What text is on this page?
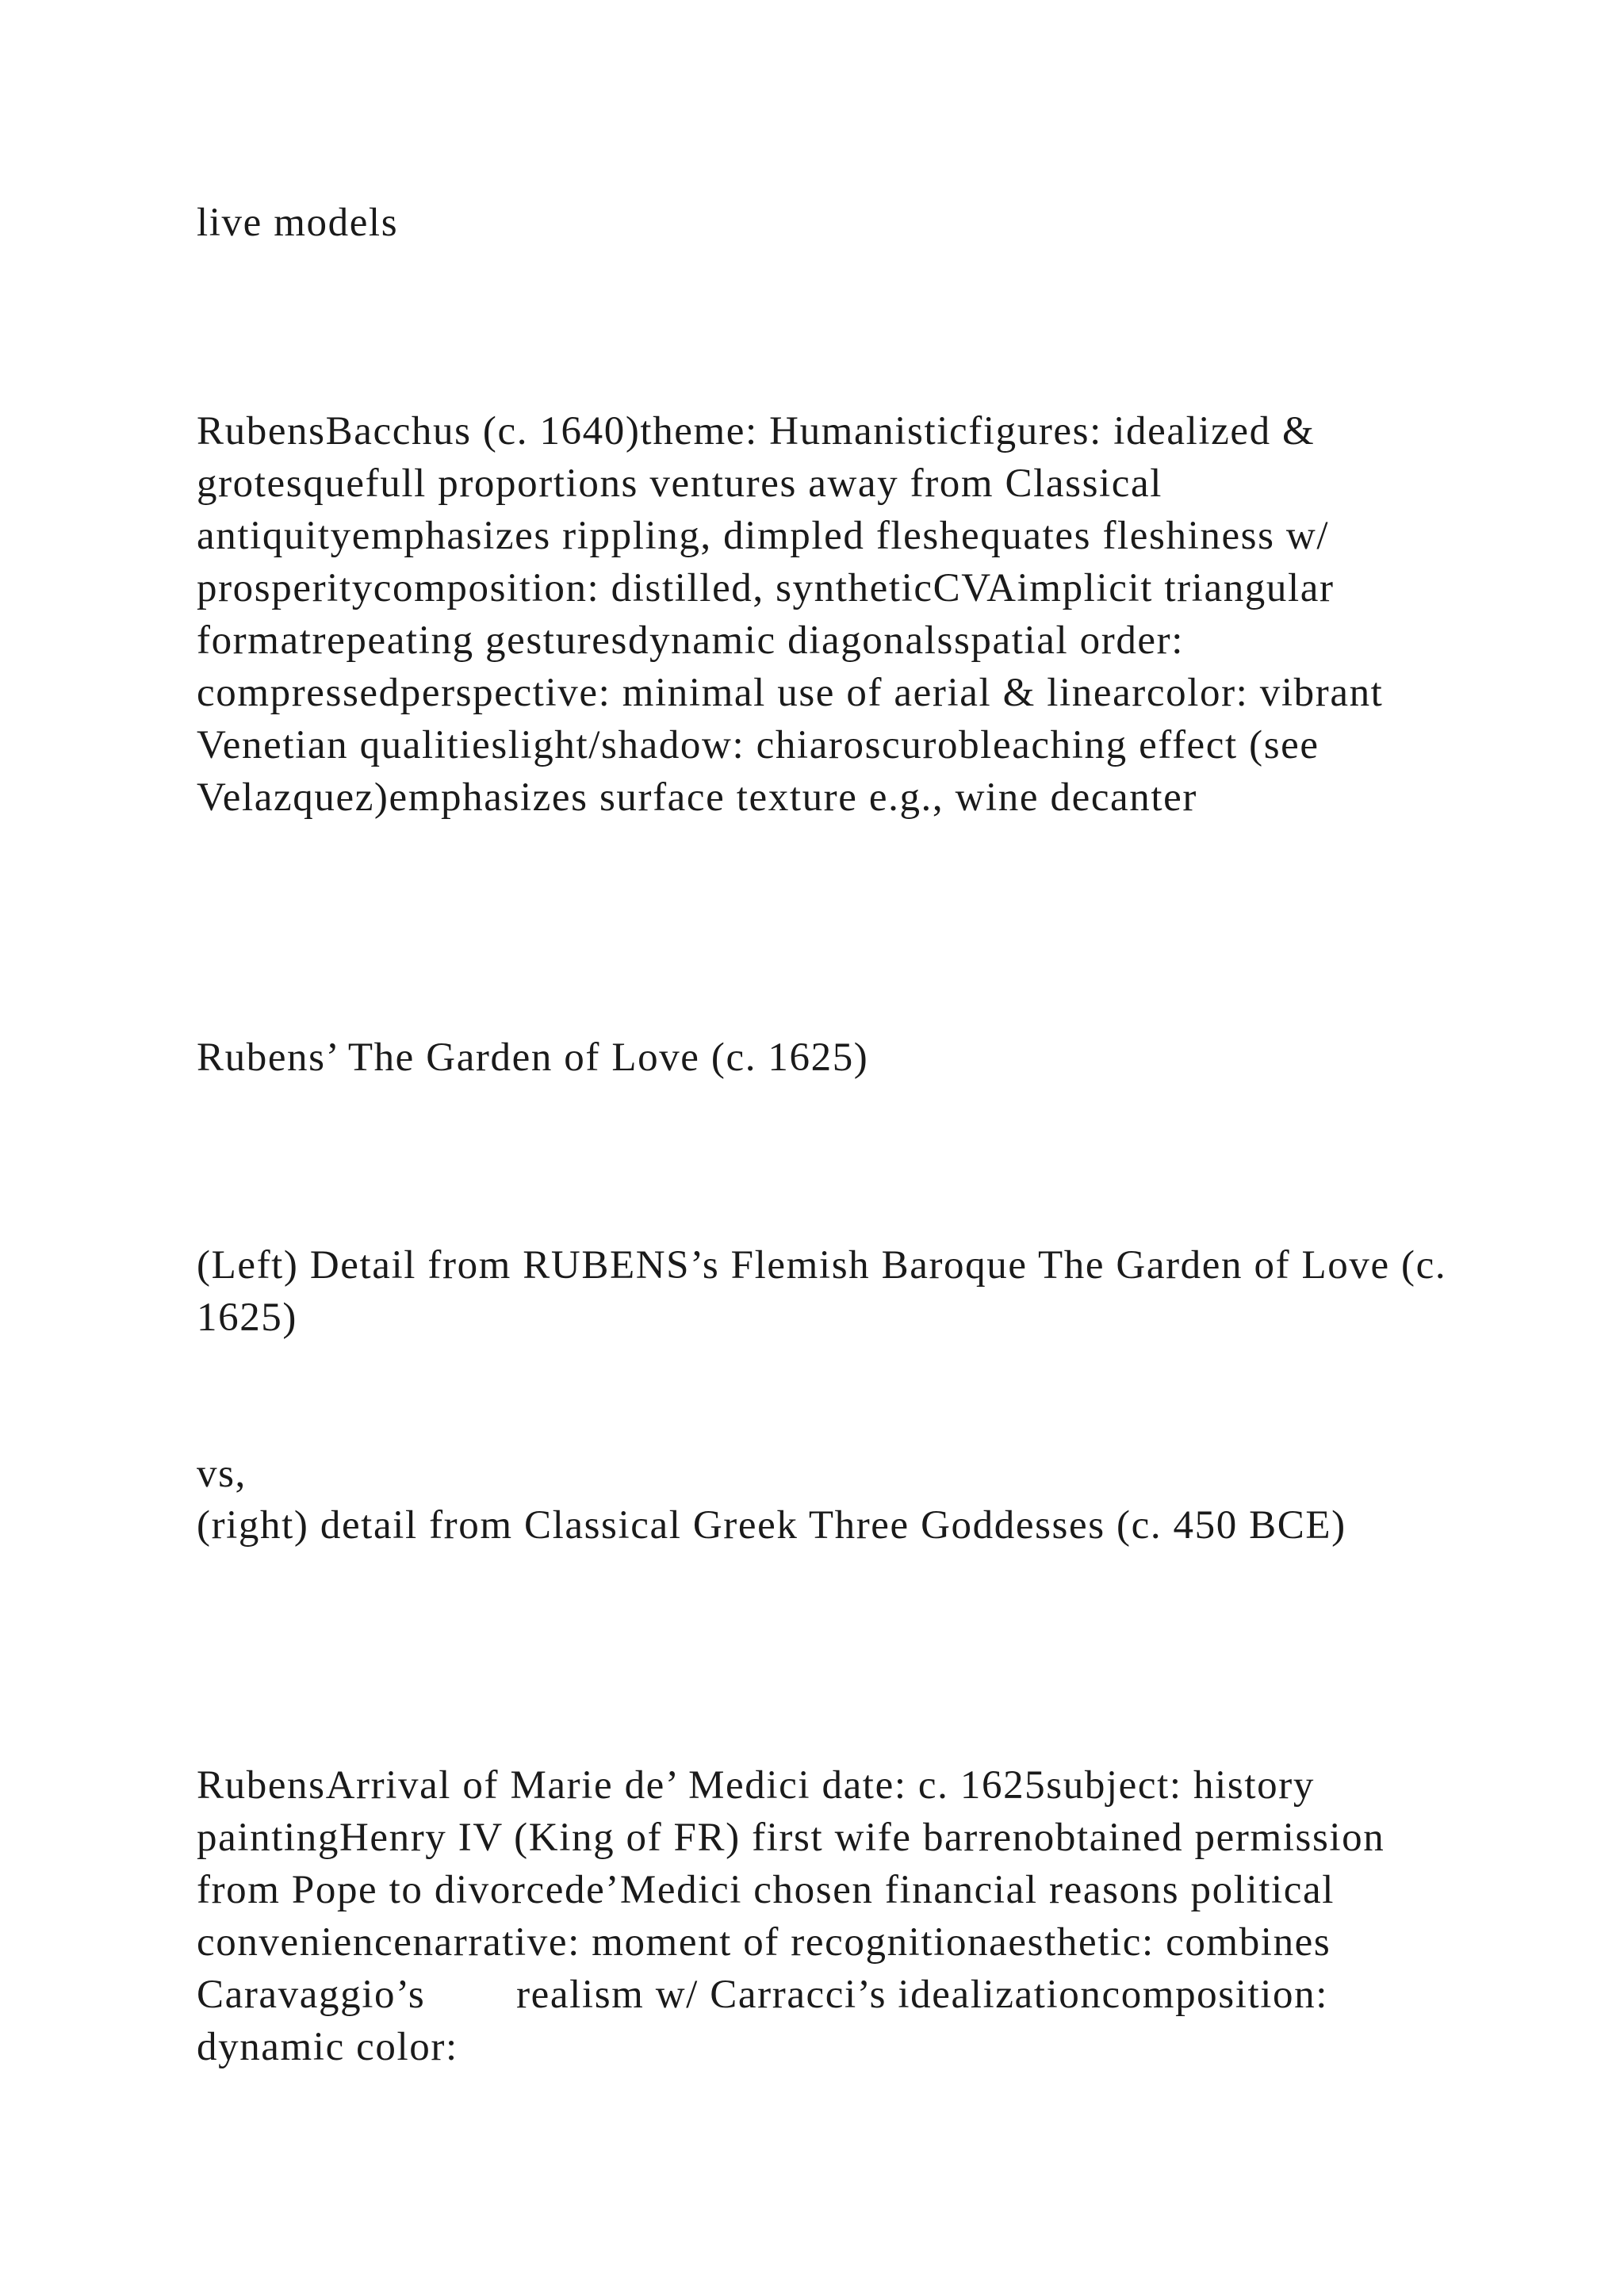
live models

RubensBacchus (c. 1640)theme: Humanisticfigures: idealized & grotesquefull proportions ventures away from Classical antiquityemphasizes rippling, dimpled fleshequates fleshiness w/ prosperitycomposition: distilled, syntheticCVAimplicit triangular formatrepeating gesturesdynamic diagonalsspatial order: compressedperspective: minimal use of aerial & linearcolor: vibrant Venetian qualitieslight/shadow: chiaroscurobleaching effect (see Velazquez)emphasizes surface texture e.g., wine decanter

Rubens’ The Garden of Love (c. 1625)

(Left) Detail from RUBENS’s Flemish Baroque The Garden of Love (c. 1625)

vs,

(right) detail from Classical Greek Three Goddesses (c. 450 BCE)

RubensArrival of Marie de’ Medici date: c. 1625subject: history paintingHenry IV (King of FR) first wife barrenobtained permission from Pope to divorcede’Medici chosen financial reasons political conveniencenarrative: moment of recognitionaesthetic: combines Caravaggio’s        realism w/ Carracci’s idealizationcomposition: dynamic color:
